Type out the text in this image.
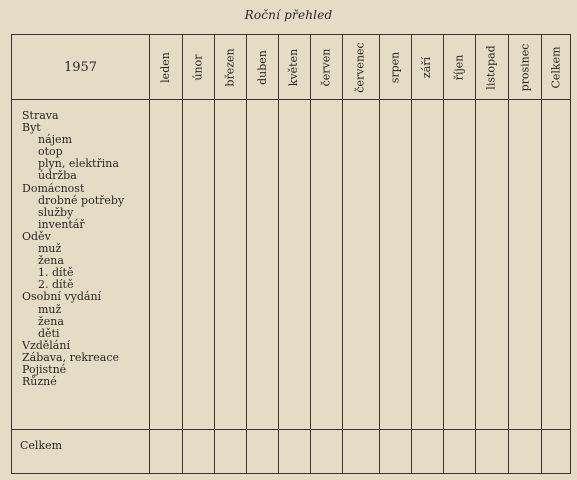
Roční přehled
1957	leden únor březen duben květen červen červenec srpen září říjen listopad prosinec Celkem
Strava
Byt
nájem
otop
plyn, elektřina
údržba
Domácnost
drobné potřeby
služby
inventář
Oděv
muž
žena
1. dítě
2. dítě
Osobní vydání
muž
žena
děti
Vzdělání
Zábava, rekreace
Pojistné
Různé
Celkem
